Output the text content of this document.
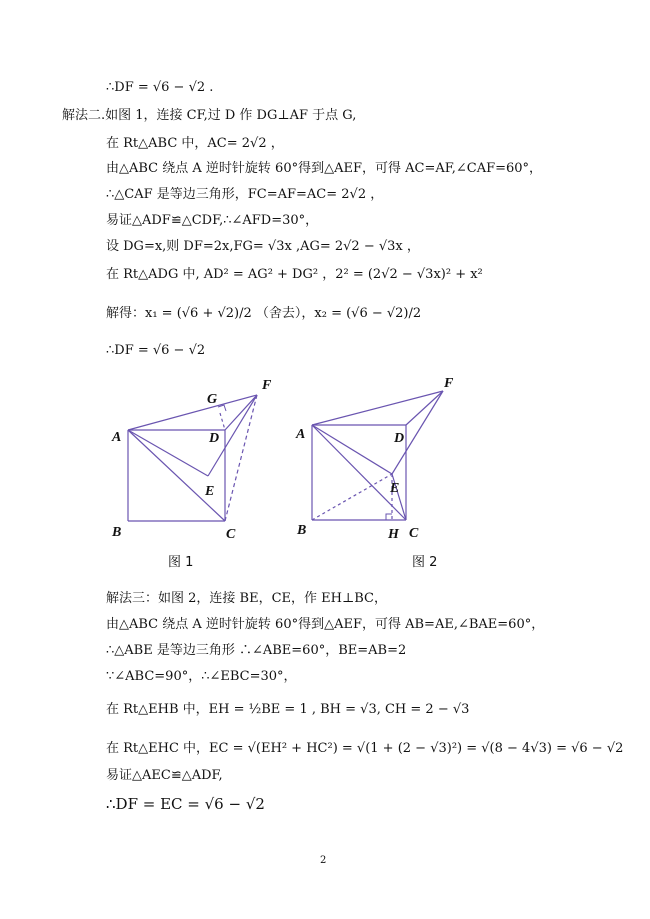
∴DF = √6 − √2 .
解法二.如图 1，连接 CF,过 D 作 DG⊥AF 于点 G,
在 Rt△ABC 中，AC= 2√2 ，
由△ABC 绕点 A 逆时针旋转 60°得到△AEF，可得 AC=AF,∠CAF=60°，
∴△CAF 是等边三角形，FC=AF=AC= 2√2 ，
易证△ADF≌△CDF,∴∠AFD=30°，
设 DG=x,则 DF=2x,FG= √3x ,AG= 2√2 − √3x ，
在 Rt△ADG 中, AD² = AG² + DG² ，2² = (2√2 − √3x)² + x²
解得：x₁ = (√6 + √2)/2 （舍去），x₂ = (√6 − √2)/2
∴DF = √6 − √2
A
B	C
D
E
F
G
A
B	C
D
E
F
H
图 1	图 2
解法三：如图 2，连接 BE，CE，作 EH⊥BC，
由△ABC 绕点 A 逆时针旋转 60°得到△AEF，可得 AB=AE,∠BAE=60°，
∴△ABE 是等边三角形 ∴∠ABE=60°，BE=AB=2
∵∠ABC=90°，∴∠EBC=30°，
在 Rt△EHB 中，EH = ½BE = 1 , BH = √3, CH = 2 − √3
在 Rt△EHC 中，EC = √(EH² + HC²) = √(1 + (2 − √3)²) = √(8 − 4√3) = √6 − √2
易证△AEC≌△ADF,
∴DF = EC = √6 − √2
2
